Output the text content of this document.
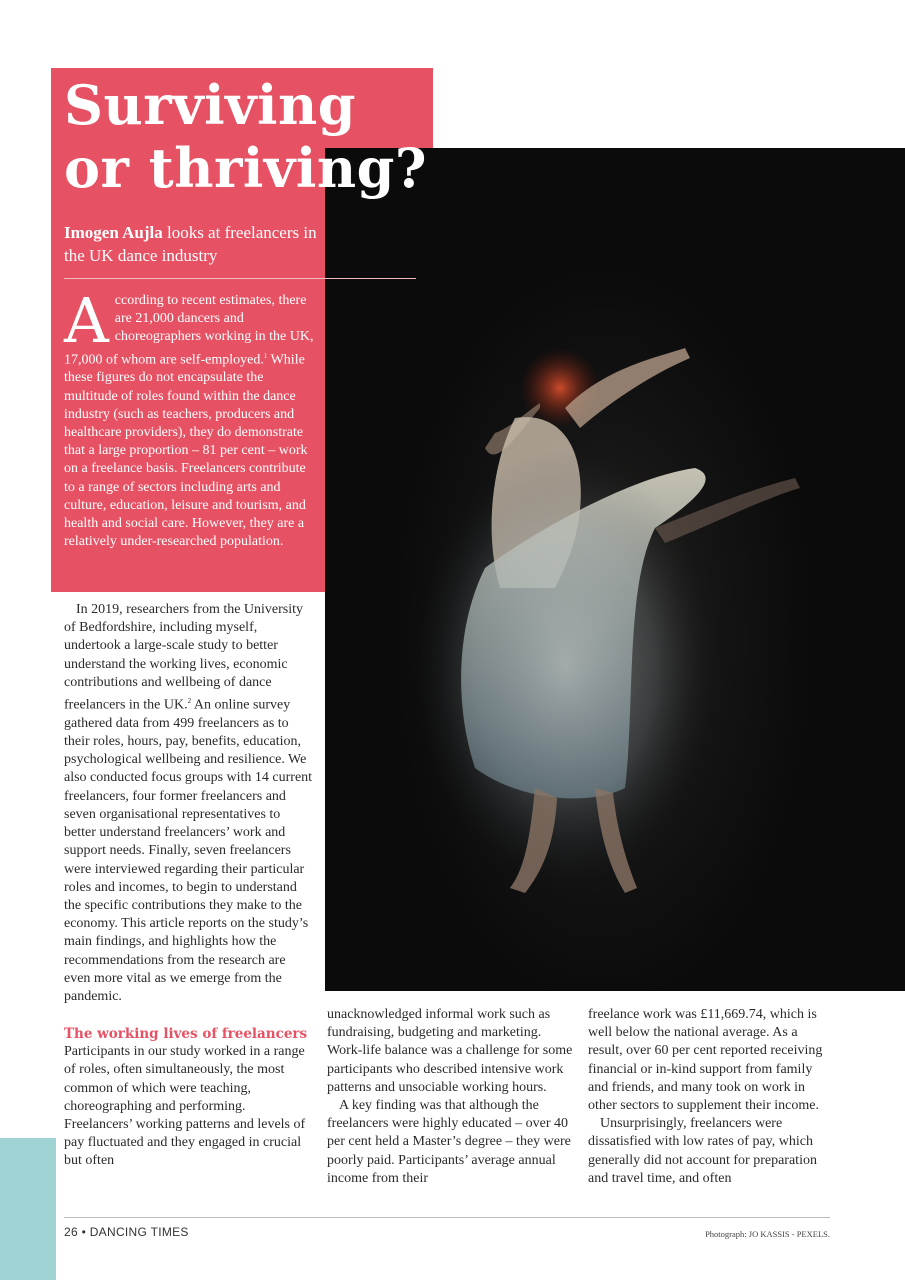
Surviving
or thriving?
Imogen Aujla looks at freelancers in the UK dance industry
According to recent estimates, there are 21,000 dancers and choreographers working in the UK, 17,000 of whom are self-employed.$^1$ While these figures do not encapsulate the multitude of roles found within the dance industry (such as teachers, producers and healthcare providers), they do demonstrate that a large proportion – 81 per cent – work on a freelance basis. Freelancers contribute to a range of sectors including arts and culture, education, leisure and tourism, and health and social care. However, they are a relatively under-researched population.

In 2019, researchers from the University of Bedfordshire, including myself, undertook a large-scale study to better understand the working lives, economic contributions and wellbeing of dance freelancers in the UK.$^2$ An online survey gathered data from 499 freelancers as to their roles, hours, pay, benefits, education, psychological wellbeing and resilience. We also conducted focus groups with 14 current freelancers, four former freelancers and seven organisational representatives to better understand freelancers’ work and support needs. Finally, seven freelancers were interviewed regarding their particular roles and incomes, to begin to understand the specific contributions they make to the economy. This article reports on the study’s main findings, and highlights how the recommendations from the research are even more vital as we emerge from the pandemic.

The working lives of freelancers

Participants in our study worked in a range of roles, often simultaneously, the most common of which were teaching, choreographing and performing. Freelancers’ working patterns and levels of pay fluctuated and they engaged in crucial but often

unacknowledged informal work such as fundraising, budgeting and marketing. Work-life balance was a challenge for some participants who described intensive work patterns and unsociable working hours.

A key finding was that although the freelancers were highly educated – over 40 per cent held a Master’s degree – they were poorly paid. Participants’ average annual income from their

freelance work was £11,669.74, which is well below the national average. As a result, over 60 per cent reported receiving financial or in-kind support from family and friends, and many took on work in other sectors to supplement their income.

Unsurprisingly, freelancers were dissatisfied with low rates of pay, which generally did not account for preparation and travel time, and often

26 • DANCING TIMES	Photograph: JO KASSIS - PEXELS.
